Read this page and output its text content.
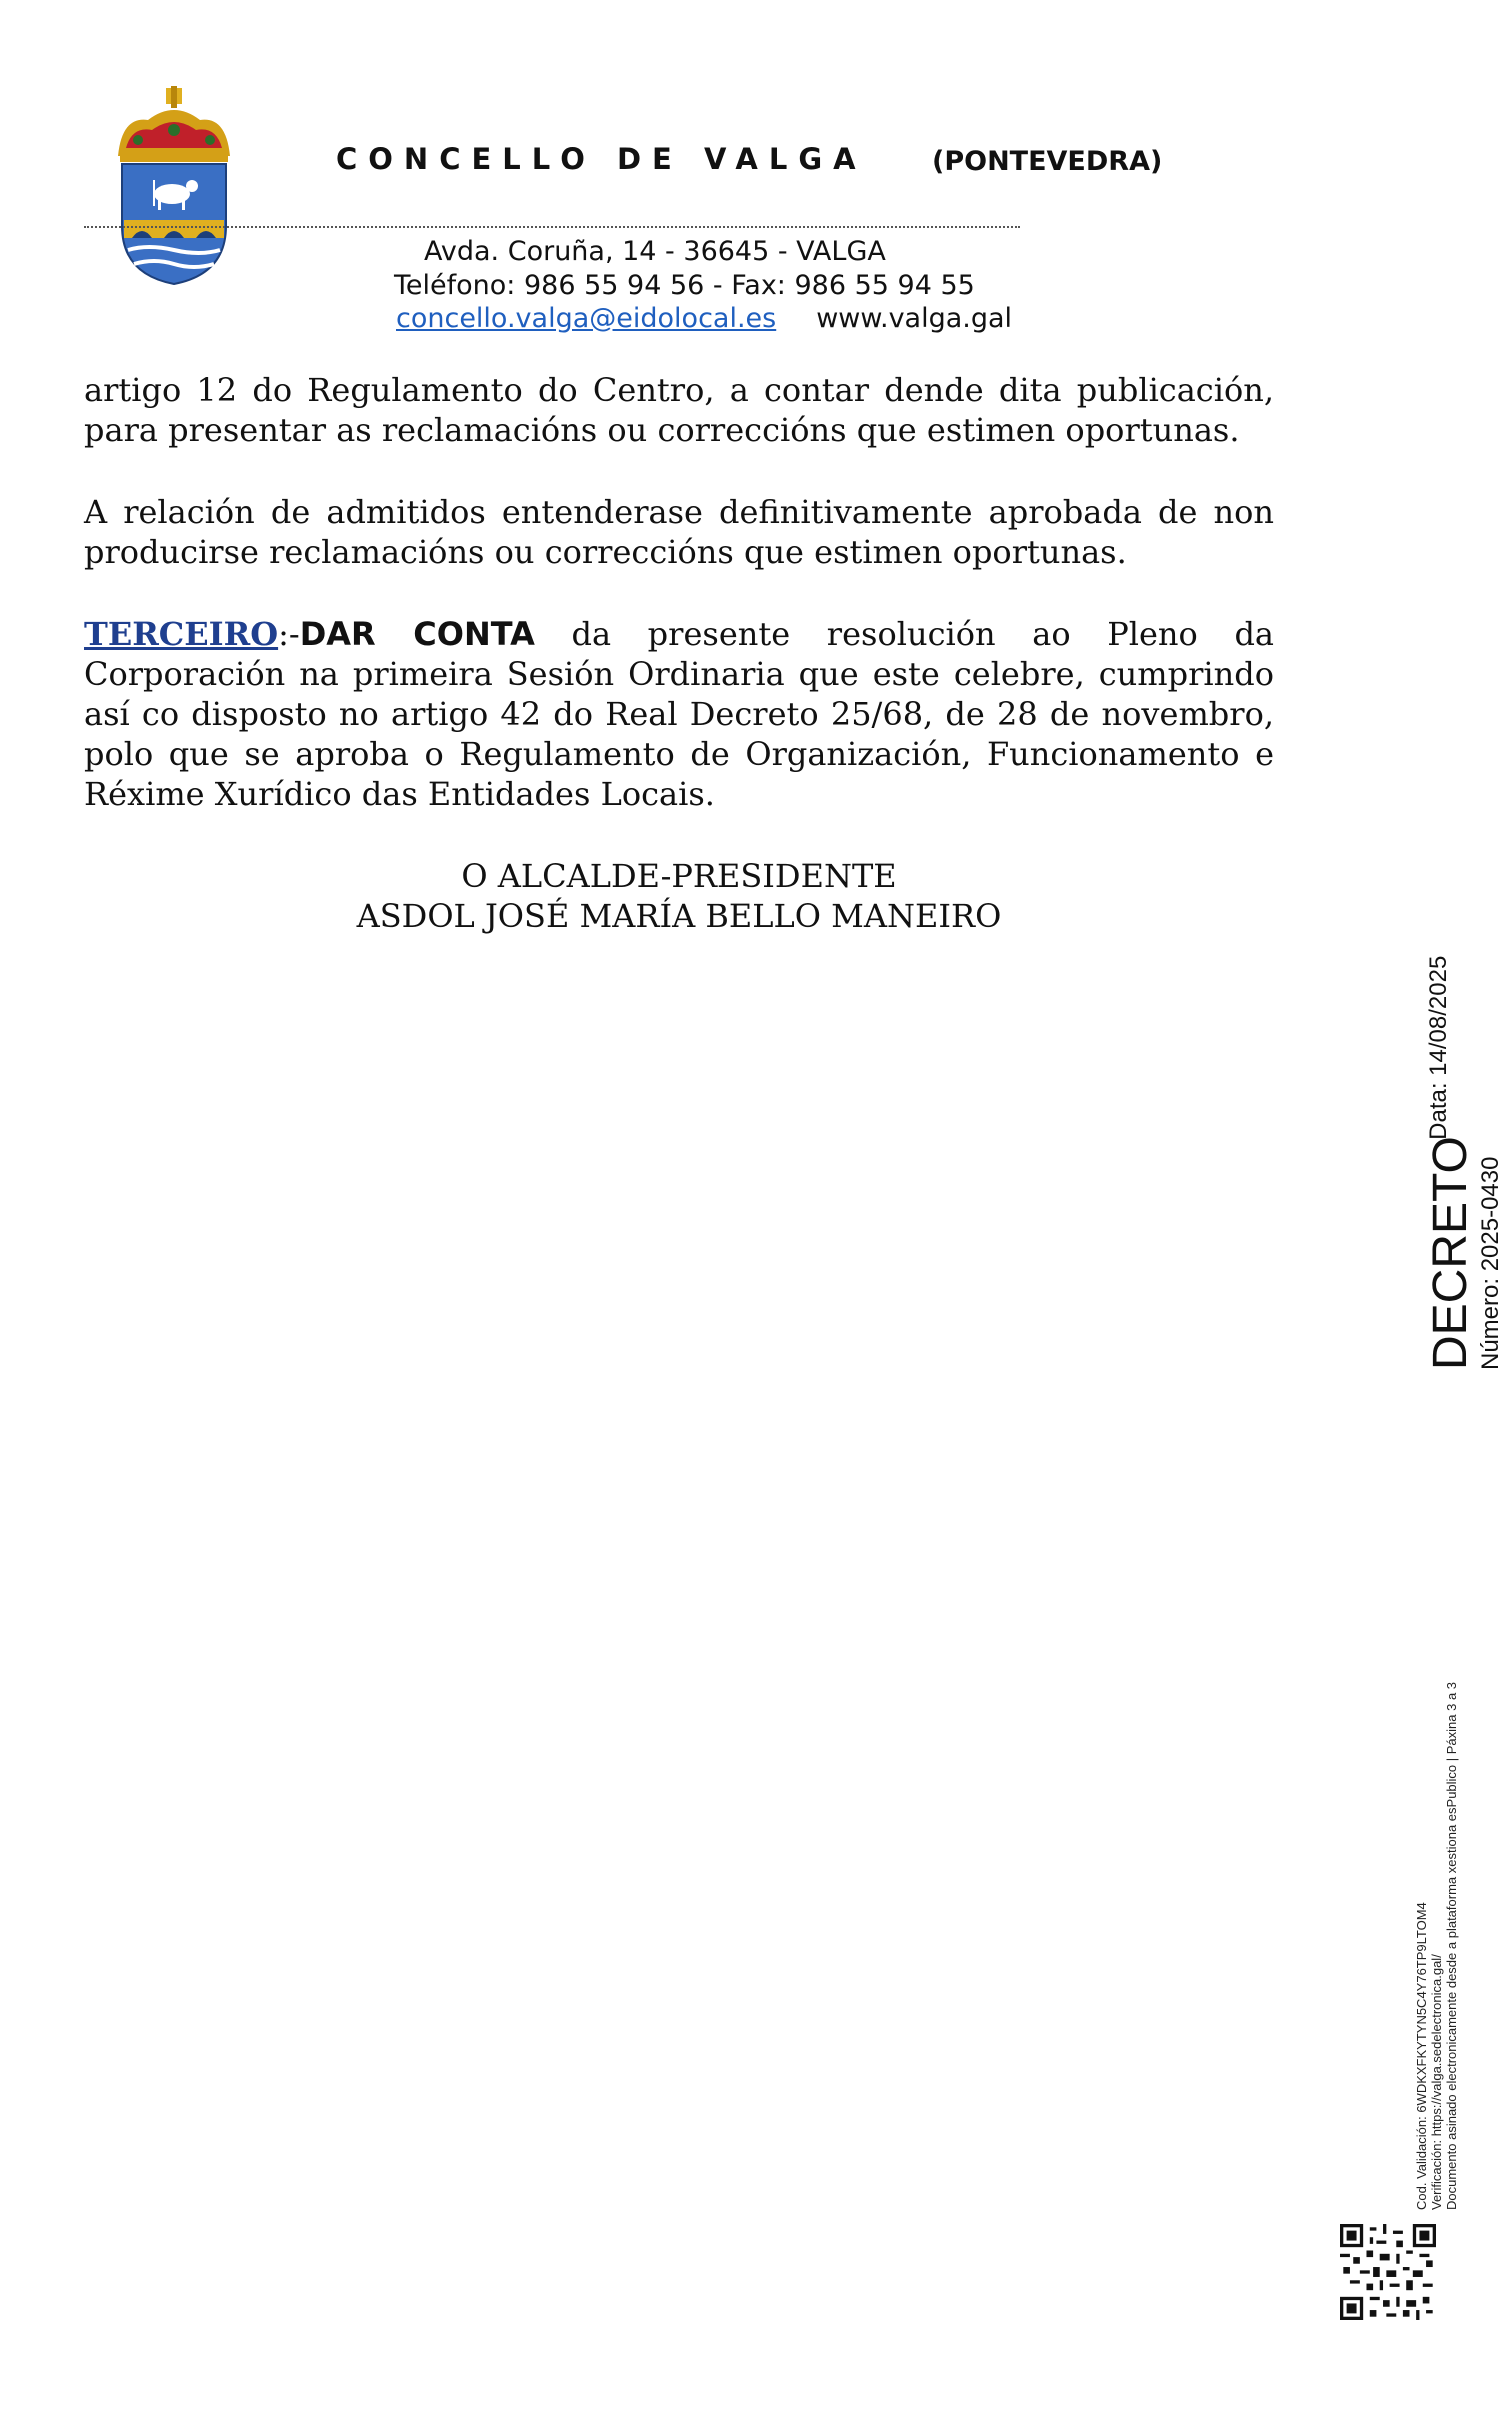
CONCELLO DE VALGA (PONTEVEDRA)
Avda. Coruña, 14 - 36645 - VALGA
Teléfono: 986 55 94 56 - Fax: 986 55 94 55
concello.valga@eidolocal.es www.valga.gal

artigo 12 do Regulamento do Centro, a contar dende dita publicación, para presentar as reclamacións ou correccións que estimen oportunas.

A relación de admitidos entenderase definitivamente aprobada de non producirse reclamacións ou correccións que estimen oportunas.

TERCEIRO:-DAR CONTA da presente resolución ao Pleno da Corporación na primeira Sesión Ordinaria que este celebre, cumprindo así co disposto no artigo 42 do Real Decreto 25/68, de 28 de novembro, polo que se aproba o Regulamento de Organización, Funcionamento e Réxime Xurídico das Entidades Locais.

O ALCALDE-PRESIDENTE
ASDOL JOSÉ MARÍA BELLO MANEIRO
DECRETO Número: 2025-0430    Data: 14/08/2025
Cod. Validación: 6WDKXFKYTYN5C4Y76TP9LTOM4 Verificación: https://valga.sedelectronica.gal/ Documento asinado electronicamente desde a plataforma xestiona esPublico | Páxina 3 a 3
